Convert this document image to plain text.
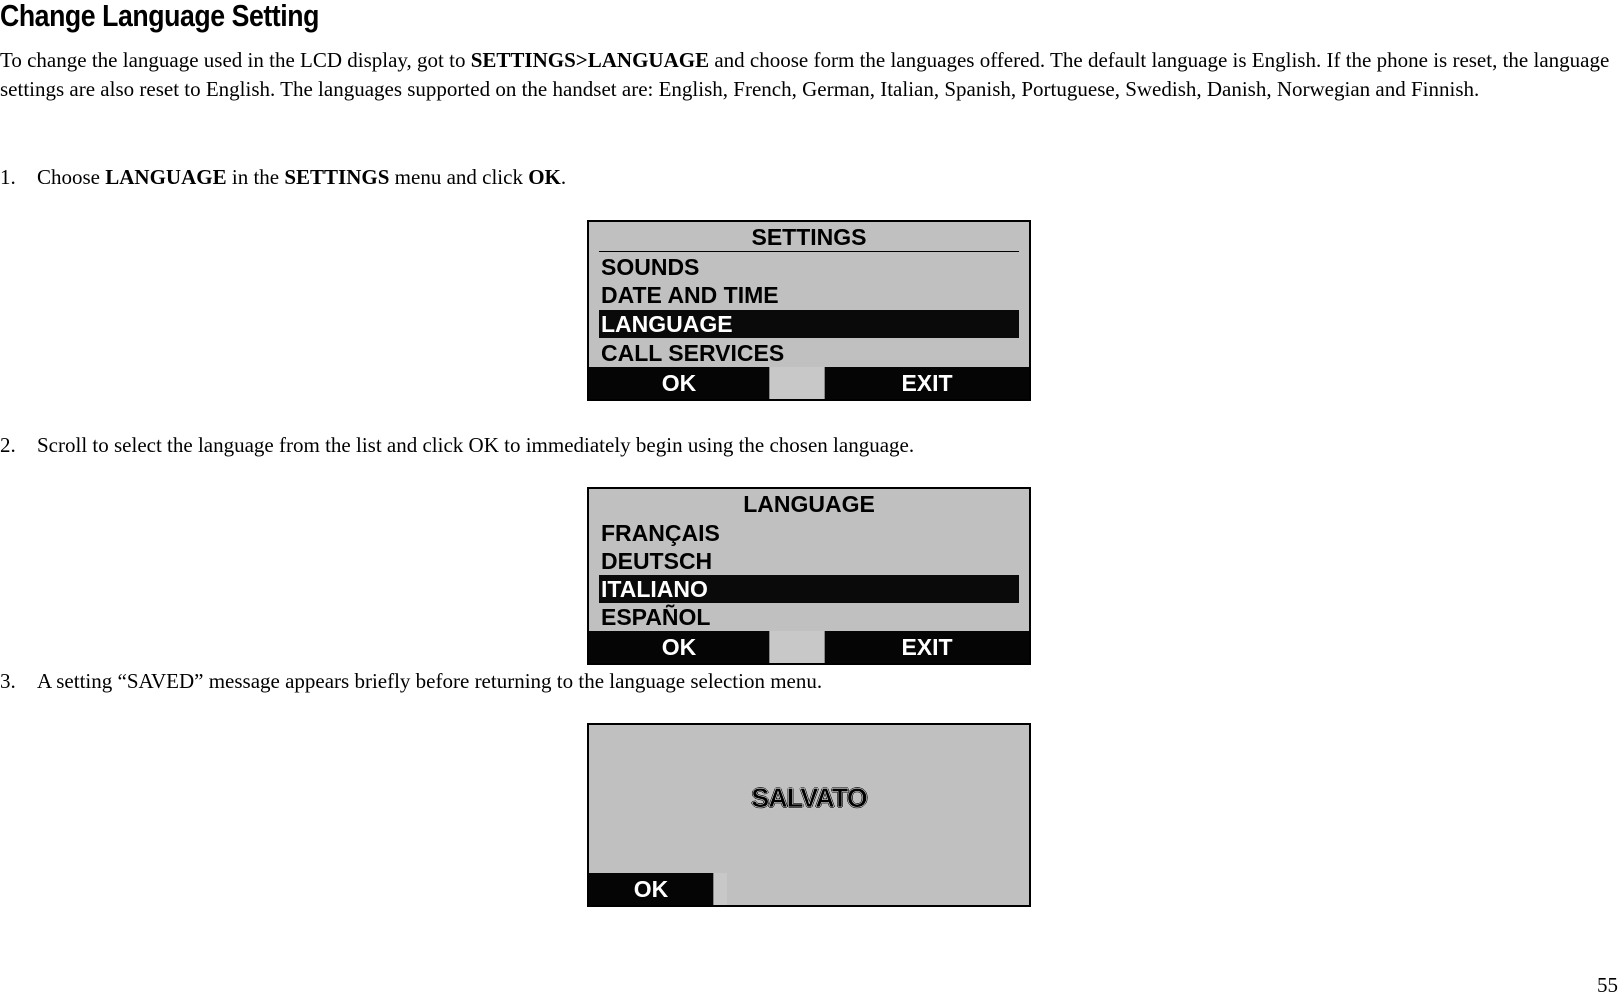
Change Language Setting

To change the language used in the LCD display, got to SETTINGS>LANGUAGE and choose form the languages offered. The default language is English. If the phone is reset, the language settings are also reset to English. The languages supported on the handset are: English, French, German, Italian, Spanish, Portuguese, Swedish, Danish, Norwegian and Finnish.

1. Choose LANGUAGE in the SETTINGS menu and click OK.

SETTINGS
SOUNDS
DATE AND TIME
LANGUAGE
CALL SERVICES
OK	EXIT

2. Scroll to select the language from the list and click OK to immediately begin using the chosen language.

LANGUAGE
FRANÇAIS
DEUTSCH
ITALIANO
ESPAÑOL
OK	EXIT

3. A setting “SAVED” message appears briefly before returning to the language selection menu.

SALVATO
OK
55
